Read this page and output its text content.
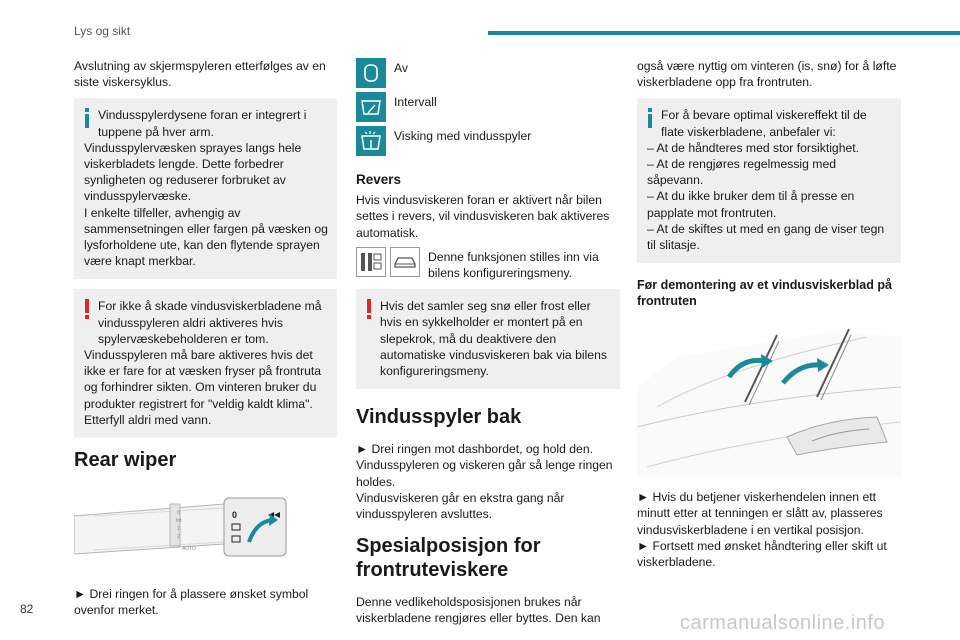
Lys og sikt

Avslutning av skjermspyleren etterfølges av en siste viskersyklus.

Vindusspylerdysene foran er integrert i tuppene på hver arm.
Vindusspylervæsken sprayes langs hele viskerbladets lengde. Dette forbedrer synligheten og reduserer forbruket av vindusspylervæske.
I enkelte tilfeller, avhengig av sammensetningen eller fargen på væsken og lysforholdene ute, kan den flytende sprayen være knapt merkbar.
For ikke å skade vindusviskerbladene må vindusspyleren aldri aktiveres hvis spylervæskebeholderen er tom.
Vindusspyleren må bare aktiveres hvis det ikke er fare for at væsken fryser på frontruta og forhindrer sikten. Om vinteren bruker du produkter registrert for "veldig kaldt klima".
Etterfyll aldri med vann.
Rear wiper
0
Int
1
2
AUTO
0

► Drei ringen for å plassere ønsket symbol ovenfor merket.

Av
Intervall
Visking med vindusspyler
Revers

Hvis vindusviskeren foran er aktivert når bilen settes i revers, vil vindusviskeren bak aktiveres automatisk.

Denne funksjonen stilles inn via bilens konfigureringsmeny.
Hvis det samler seg snø eller frost eller hvis en sykkelholder er montert på en slepekrok, må du deaktivere den automatiske vindusviskeren bak via bilens konfigureringsmeny.
Vindusspyler bak

► Drei ringen mot dashbordet, og hold den. Vindusspyleren og viskeren går så lenge ringen holdes.

Vindusviskeren går en ekstra gang når vindusspyleren avsluttes.

Spesialposisjon for frontruteviskere

Denne vedlikeholdsposisjonen brukes når viskerbladene rengjøres eller byttes. Den kan

også være nyttig om vinteren (is, snø) for å løfte viskerbladene opp fra frontruten.

For å bevare optimal viskereffekt til de flate viskerbladene, anbefaler vi:
– At de håndteres med stor forsiktighet.
– At de rengjøres regelmessig med såpevann.
– At du ikke bruker dem til å presse en papplate mot frontruten.
– At de skiftes ut med en gang de viser tegn til slitasje.
Før demontering av et vindusviskerblad på frontruten

► Hvis du betjener viskerhendelen innen ett minutt etter at tenningen er slått av, plasseres vindusviskerbladene i en vertikal posisjon.

► Fortsett med ønsket håndtering eller skift ut viskerbladene.

82
carmanualsonline.info
